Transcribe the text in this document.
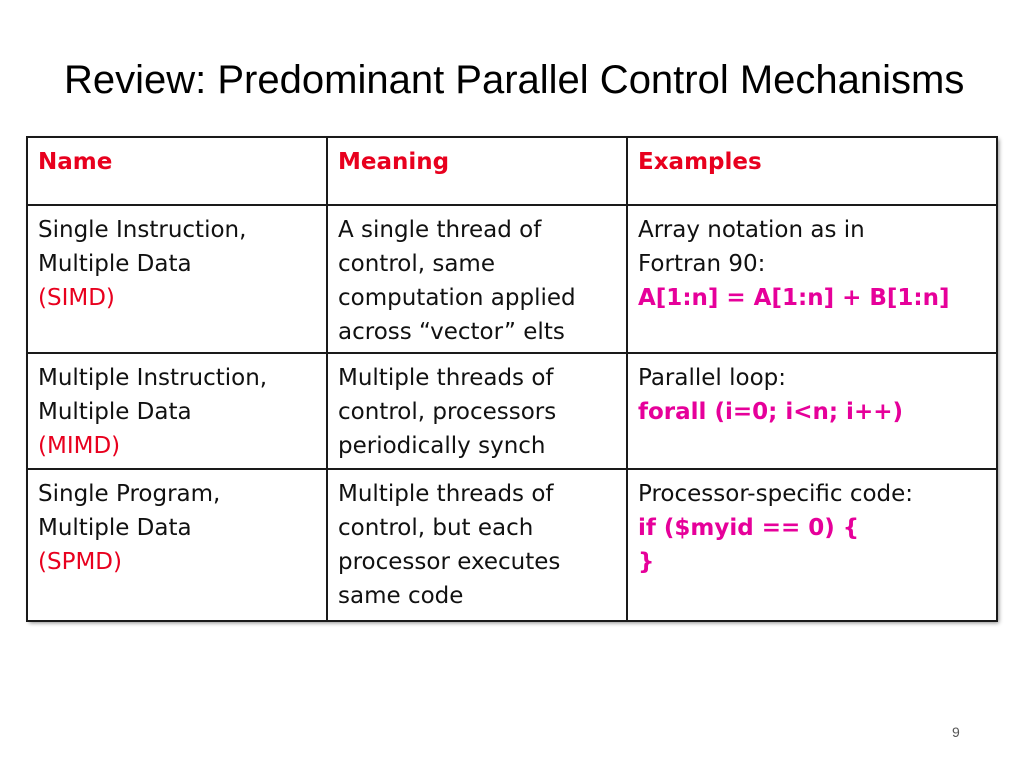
Review: Predominant Parallel Control Mechanisms
Name	Meaning	Examples

Single Instruction,
Multiple Data
(SIMD)	A single thread of
control, same
computation applied
across “vector” elts	Array notation as in
Fortran 90:
A[1:n] = A[1:n] + B[1:n]

Multiple Instruction,
Multiple Data
(MIMD)	Multiple threads of
control, processors
periodically synch	Parallel loop:
forall (i=0; i<n; i++)

Single Program,
Multiple Data
(SPMD)	Multiple threads of
control, but each
processor executes
same code	Processor-specific code:
if ($myid == 0) {
}
9
